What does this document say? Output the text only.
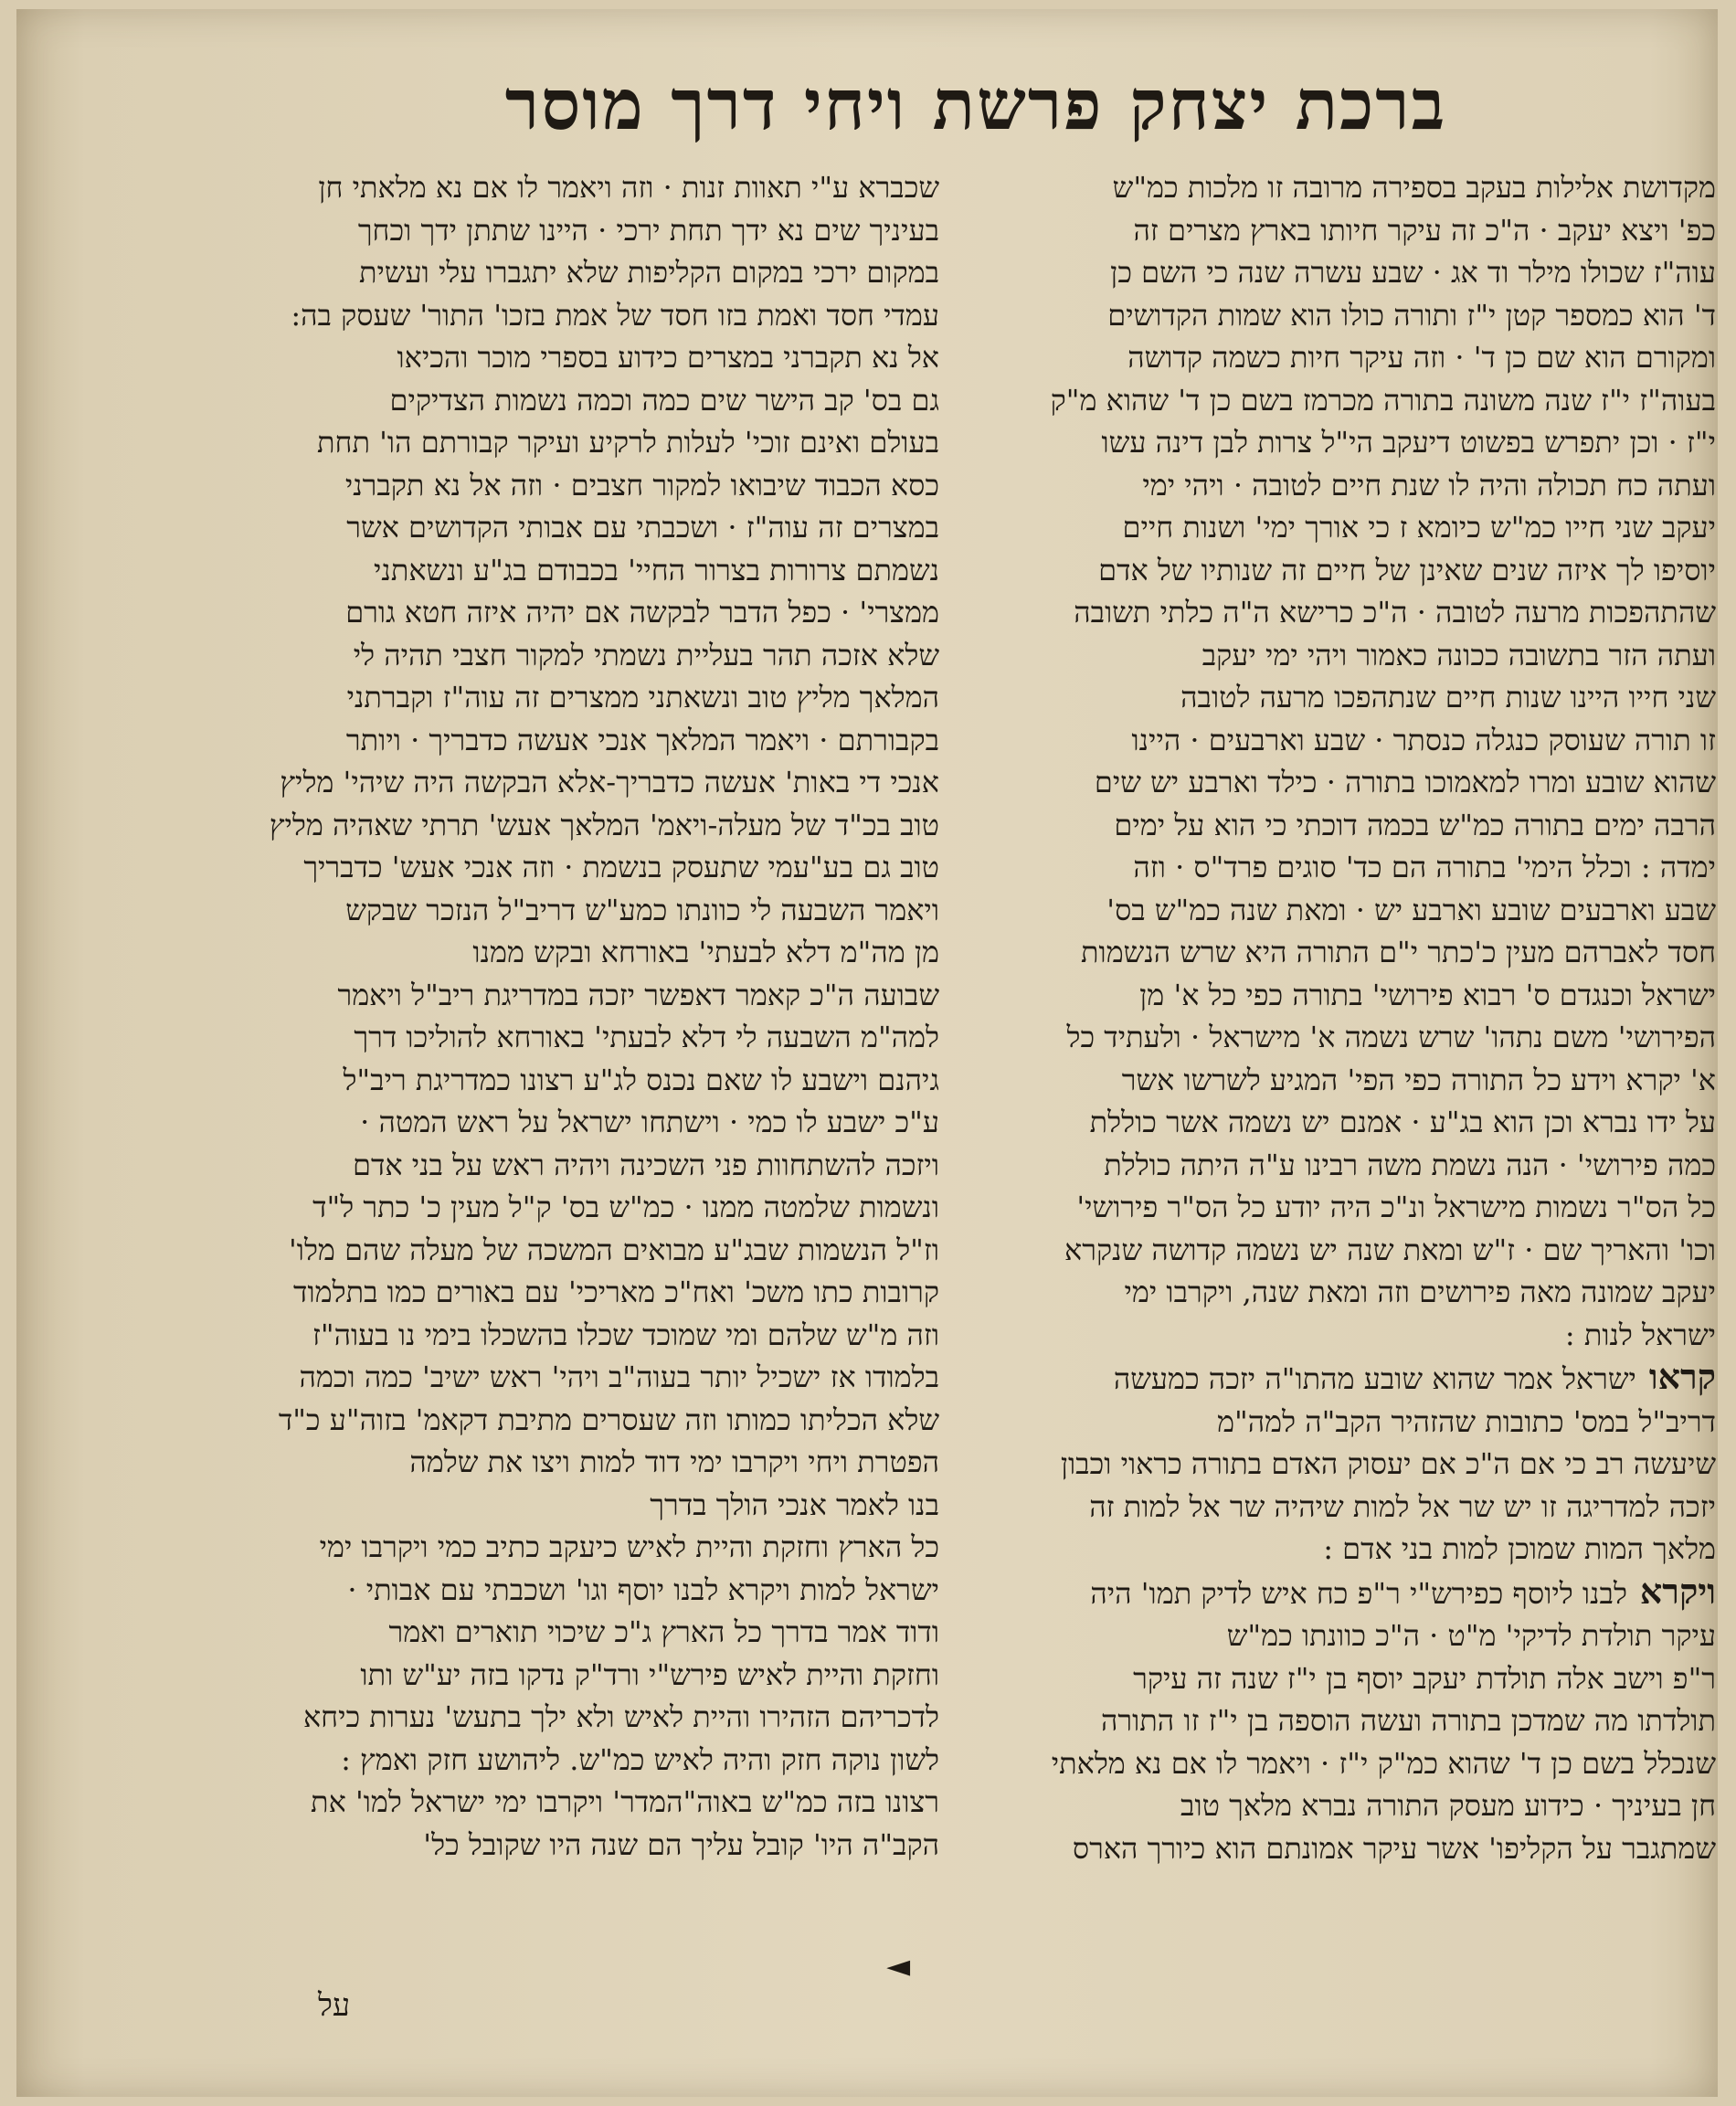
ברכת יצחק פרשת ויחי דרך מוסר
מקדושת אלילות בעקב בספירה מרובה זו מלכות כמ"ש
כפ' ויצא יעקב · ה"כ זה עיקר חיותו בארץ מצרים זה
עוה"ז שכולו מילר וד אג · שבע עשרה שנה כי השם כן
ד' הוא כמספר קטן י"ז ותורה כולו הוא שמות הקדושים
ומקורם הוא שם כן ד' · וזה עיקר חיות כשמה קדושה
בעוה"ז י"ז שנה משונה בתורה מכרמז בשם כן ד' שהוא מ"ק
י"ז · וכן יתפרש בפשוט דיעקב הי"ל צרות לבן דינה עשו
ועתה כח תכולה והיה לו שנת חיים לטובה · ויהי ימי
יעקב שני חייו כמ"ש כיומא ז כי אורך ימי' ושנות חיים
יוסיפו לך איזה שנים שאינן של חיים זה שנותיו של אדם
שהתהפכות מרעה לטובה · ה"כ כרישא ה"ה כלתי תשובה
ועתה הזר בתשובה ככונה כאמור ויהי ימי יעקב
שני חייו היינו שנות חיים שנתהפכו מרעה לטובה
זו תורה שעוסק כנגלה כנסתר · שבע וארבעים · היינו
שהוא שובע ומרו למאמוכו בתורה · כילד וארבע יש שים
הרבה ימים בתורה כמ"ש בכמה דוכתי כי הוא על ימים
ימדה : וכלל הימי' בתורה הם כד' סוגים פרד"ס · וזה
שבע וארבעים שובע וארבע יש · ומאת שנה כמ"ש בס'
חסד לאברהם מעין כ'כתר י"ם התורה היא שרש הנשמות
ישראל וכנגדם ס' רבוא פירושי' בתורה כפי כל א' מן
הפירושי' משם נתהו' שרש נשמה א' מישראל · ולעתיד כל
א' יקרא וידע כל התורה כפי הפי' המגיע לשרשו אשר
על ידו נברא וכן הוא בג"ע · אמנם יש נשמה אשר כוללת
כמה פירושי' · הנה נשמת משה רבינו ע"ה היתה כוללת
כל הס"ר נשמות מישראל ונ"כ היה יודע כל הס"ר פירושי'
וכו' והאריך שם · ז"ש ומאת שנה יש נשמה קדושה שנקרא
יעקב שמונה מאה פירושים וזה ומאת שנה, ויקרבו ימי
ישראל לנות :
קראוישראל אמר שהוא שובע מהתו"ה יזכה כמעשה
דריב"ל במס' כתובות שהזהיר הקב"ה למה"מ
שיעשה רב כי אם ה"כ אם יעסוק האדם בתורה כראוי וכבון
יזכה למדריגה זו יש שר אל למות שיהיה שר אל למות זה
מלאך המות שמוכן למות בני אדם :
ויקראלבנו ליוסף כפירש"י ר"פ כח איש לדיק תמו' היה
עיקר תולדת לדיקי' מ"ט · ה"כ כוונתו כמ"ש
ר"פ וישב אלה תולדת יעקב יוסף בן י"ז שנה זה עיקר
תולדתו מה שמדכן בתורה ועשה הוספה בן י"ז זו התורה
שנכלל בשם כן ד' שהוא כמ"ק י"ז · ויאמר לו אם נא מלאתי
חן בעיניך · כידוע מעסק התורה נברא מלאך טוב
שמתגבר על הקליפו' אשר עיקר אמונתם הוא כיורך הארס
שכברא ע"י תאוות זנות · וזה ויאמר לו אם נא מלאתי חן
בעיניך שים נא ידך תחת ירכי · היינו שתתן ידך וכחך
במקום ירכי במקום הקליפות שלא יתגברו עלי ועשית
עמדי חסד ואמת בזו חסד של אמת בזכו' התור' שעסק בה:
אל נא תקברני במצרים כידוע בספרי מוכר והכיאו
גם בס' קב הישר שים כמה וכמה נשמות הצדיקים
בעולם ואינם זוכי' לעלות לרקיע ועיקר קבורתם הו' תחת
כסא הכבוד שיבואו למקור חצבים · וזה אל נא תקברני
במצרים זה עוה"ז · ושכבתי עם אבותי הקדושים אשר
נשמתם צרורות בצרור החיי' בכבודם בג"ע ונשאתני
ממצרי' · כפל הדבר לבקשה אם יהיה איזה חטא גורם
שלא אזכה תהר בעליית נשמתי למקור חצבי תהיה לי
המלאך מליץ טוב ונשאתני ממצרים זה עוה"ז וקברתני
בקבורתם · ויאמר המלאך אנכי אעשה כדבריך · ויותר
אנכי די באות' אעשה כדבריך-אלא הבקשה היה שיהי' מליץ
טוב בכ"ד של מעלה-ויאמ' המלאך אעש' תרתי שאהיה מליץ
טוב גם בע"עמי שתעסק בנשמת · וזה אנכי אעש' כדבריך
ויאמר השבעה לי כוונתו כמע"ש דריב"ל הנזכר שבקש
מן מה"מ דלא לבעתי' באורחא ובקש ממנו
שבועה ה"כ קאמר דאפשר יזכה במדריגת ריב"ל ויאמר
למה"מ השבעה לי דלא לבעתי' באורחא להוליכו דרך
גיהנם וישבע לו שאם נכנס לג"ע רצונו כמדריגת ריב"ל
ע"כ ישבע לו כמי · וישתחו ישראל על ראש המטה ·
ויזכה להשתחוות פני השכינה ויהיה ראש על בני אדם
ונשמות שלמטה ממנו · כמ"ש בס' ק"ל מעין כ' כתר ל"ד
וז"ל הנשמות שבג"ע מבואים המשכה של מעלה שהם מלו'
קרובות כתו משכ' ואח"כ מאריכי' עם באורים כמו בתלמוד
וזה מ"ש שלהם ומי שמוכד שכלו בהשכלו בימי נו בעוה"ז
בלמודו אז ישכיל יותר בעוה"ב ויהי' ראש ישיב' כמה וכמה
שלא הכליתו כמותו וזה שעסרים מתיבת דקאמ' בזוה"ע כ"ד
הפטרת ויחי ויקרבו ימי דוד למות ויצו את שלמה
בנו לאמר אנכי הולך בדרך
כל הארץ וחזקת והיית לאיש כיעקב כתיב כמי ויקרבו ימי
ישראל למות ויקרא לבנו יוסף וגו' ושכבתי עם אבותי ·
ודוד אמר בדרך כל הארץ ג"כ שיכוי תוארים ואמר
וחזקת והיית לאיש פירש"י ורד"ק נדקו בזה יע"ש ותו
לדכריהם הזהירו והיית לאיש ולא ילך בתעש' נערות כיחא
לשון נוקה חזק והיה לאיש כמ"ש. ליהושע חזק ואמץ :
רצונו בזה כמ"ש באוה"המדר' ויקרבו ימי ישראל למו' את
הקב"ה היו' קובל עליך הם שנה היו שקובל כל'
◄
על
